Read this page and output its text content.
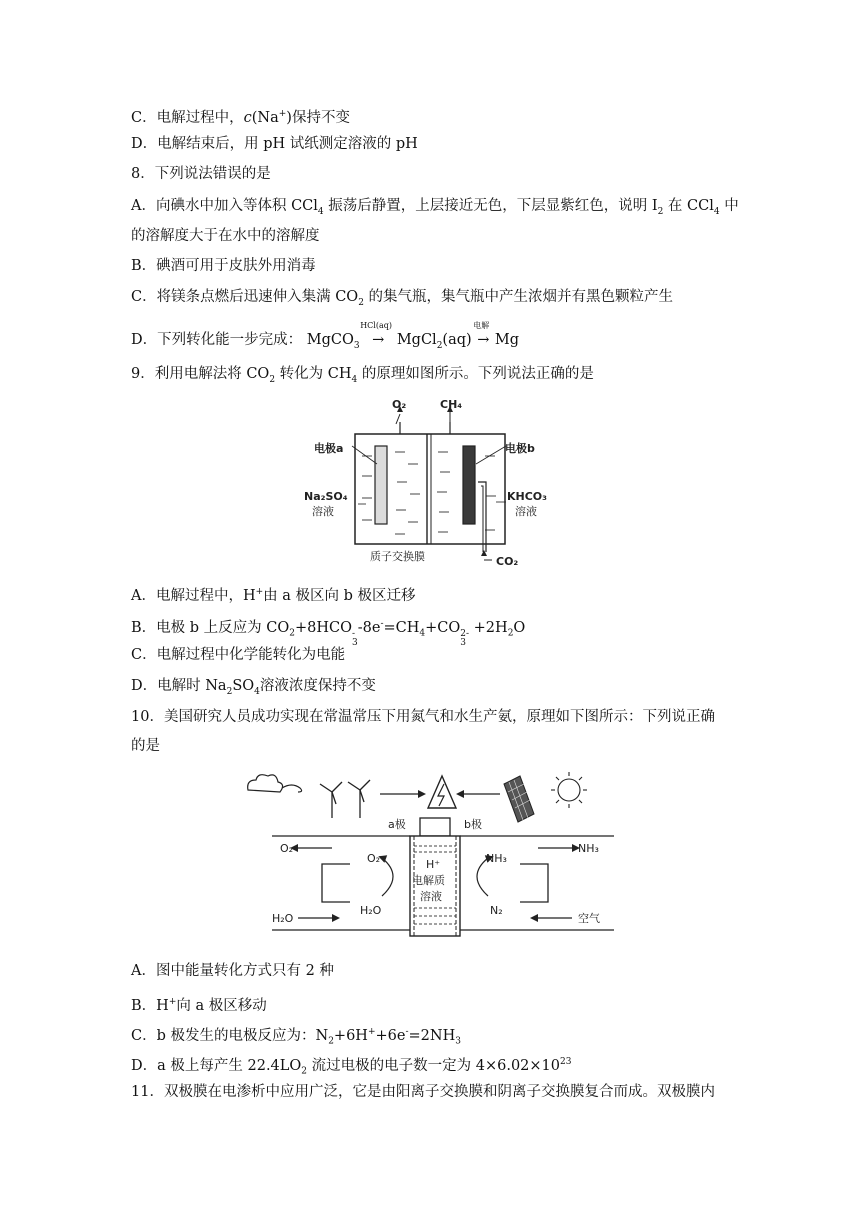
C．电解过程中，c(Na+)保持不变
D．电解结束后，用 pH 试纸测定溶液的 pH
8．下列说法错误的是
A．向碘水中加入等体积 CCl$_4$ 振荡后静置，上层接近无色，下层显紫红色，说明 $I_2$ 在 CCl$_4$ 中
的溶解度大于在水中的溶解度
B．碘酒可用于皮肤外用消毒
C．将镁条点燃后迅速伸入集满 $CO_2$ 的集气瓶，集气瓶中产生浓烟并有黑色颗粒产生
D．下列转化能一步完成： MgCO$_3$
HCl(aq)
→ MgCl$_2$(aq)
电解
→ Mg
9．利用电解法将 $CO_2$ 转化为 $CH_4$ 的原理如图所示。下列说法正确的是
O₂	CH₄
电极a	电极b
Na₂SO₄
溶液
KHCO₃
溶液
质子交换膜	CO₂
A．电解过程中，H+由 a 极区向 b 极区迁移
B．电极 b 上反应为 $CO_2+8HCO$ -
3
$-8e^-=CH_4+CO$ 2-
3
$+2H_2O$
C．电解过程中化学能转化为电能
D．电解时 $Na_2SO_4$溶液浓度保持不变
10．美国研究人员成功实现在常温常压下用氮气和水生产氨，原理如下图所示：下列说正确
的是
a极	b极
O₂
O₂
H₂O
H₂O
NH₃
NH₃
N₂
空气
H⁺
电解质
溶液
A．图中能量转化方式只有 2 种
B．H+向 a 极区移动
C．b 极发生的电极反应为：$N_2+6H^++6e^-=2NH_3$
D．a 极上每产生 $22.4LO_2$ 流过电极的电子数一定为 $4\times 6.02\times 10^{23}$
11．双极膜在电渗析中应用广泛，它是由阳离子交换膜和阴离子交换膜复合而成。双极膜内
